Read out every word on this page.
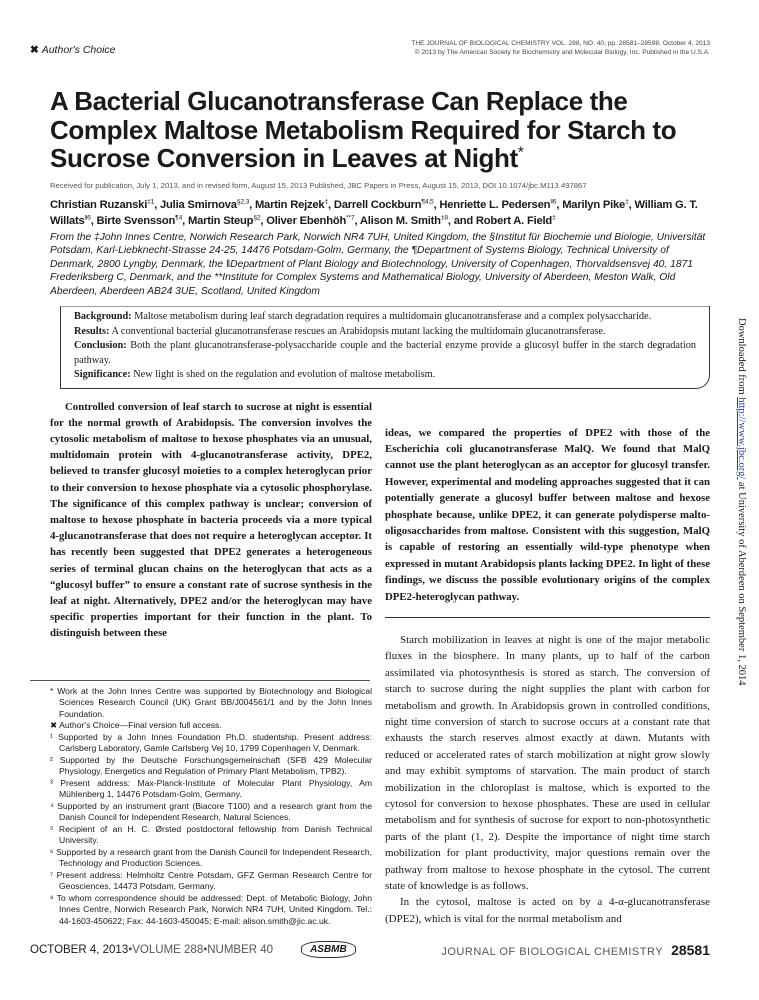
✖ Author's Choice
THE JOURNAL OF BIOLOGICAL CHEMISTRY VOL. 288, NO. 40, pp. 28581–28598, October 4, 2013
© 2013 by The American Society for Biochemistry and Molecular Biology, Inc. Published in the U.S.A.
A Bacterial Glucanotransferase Can Replace the Complex Maltose Metabolism Required for Starch to Sucrose Conversion in Leaves at Night*
Received for publication, July 1, 2013, and in revised form, August 15, 2013 Published, JBC Papers in Press, August 15, 2013, DOI 10.1074/jbc.M113.497867
Christian Ruzanski$^{\ddagger 1}$, Julia Smirnova$^{\S 2,3}$, Martin Rejzek‡, Darrell Cockburn$^{\P 4,5}$, Henriette L. Pedersen$^{‖6}$, Marilyn Pike‡, William G. T. Willats$^{‖6}$, Birte Svensson$^{\P 4}$, Martin Steup$^{\S 2}$, Oliver Ebenhöh$^{**7}$, Alison M. Smith$^{\ddagger 8}$, and Robert A. Field‡
From the ‡John Innes Centre, Norwich Research Park, Norwich NR4 7UH, United Kingdom, the §Institut für Biochemie und Biologie, Universität Potsdam, Karl-Liebknecht-Strasse 24-25, 14476 Potsdam-Golm, Germany, the ¶Department of Systems Biology, Technical University of Denmark, 2800 Lyngby, Denmark, the ‖Department of Plant Biology and Biotechnology, University of Copenhagen, Thorvaldsensvej 40, 1871 Frederiksberg C, Denmark, and the **Institute for Complex Systems and Mathematical Biology, University of Aberdeen, Meston Walk, Old Aberdeen, Aberdeen AB24 3UE, Scotland, United Kingdom
Background: Maltose metabolism during leaf starch degradation requires a multidomain glucanotransferase and a complex polysaccharide.
Results: A conventional bacterial glucanotransferase rescues an Arabidopsis mutant lacking the multidomain glucanotransferase.
Conclusion: Both the plant glucanotransferase-polysaccharide couple and the bacterial enzyme provide a glucosyl buffer in the starch degradation pathway.
Significance: New light is shed on the regulation and evolution of maltose metabolism.

Controlled conversion of leaf starch to sucrose at night is essential for the normal growth of Arabidopsis. The conversion involves the cytosolic metabolism of maltose to hexose phosphates via an unusual, multidomain protein with 4-glucanotransferase activity, DPE2, believed to transfer glucosyl moieties to a complex heteroglycan prior to their conversion to hexose phosphate via a cytosolic phosphorylase. The significance of this complex pathway is unclear; conversion of maltose to hexose phosphate in bacteria proceeds via a more typical 4-glucanotransferase that does not require a heteroglycan acceptor. It has recently been suggested that DPE2 generates a heterogeneous series of terminal glucan chains on the heteroglycan that acts as a “glucosyl buffer” to ensure a constant rate of sucrose synthesis in the leaf at night. Alternatively, DPE2 and/or the heteroglycan may have specific properties important for their function in the plant. To distinguish between these

* Work at the John Innes Centre was supported by Biotechnology and Biological Sciences Research Council (UK) Grant BB/J004561/1 and by the John Innes Foundation.
✖ Author's Choice—Final version full access.
¹ Supported by a John Innes Foundation Ph.D. studentship. Present address: Carlsberg Laboratory, Gamle Carlsberg Vej 10, 1799 Copenhagen V, Denmark.
² Supported by the Deutsche Forschungsgemeinschaft (SFB 429 Molecular Physiology, Energetics and Regulation of Primary Plant Metabolism, TPB2).
³ Present address: Max-Planck-Institute of Molecular Plant Physiology, Am Mühlenberg 1, 14476 Potsdam-Golm, Germany.
⁴ Supported by an instrument grant (Biacore T100) and a research grant from the Danish Council for Independent Research, Natural Sciences.
⁵ Recipient of an H. C. Ørsted postdoctoral fellowship from Danish Technical University.
⁶ Supported by a research grant from the Danish Council for Independent Research, Technology and Production Sciences.
⁷ Present address: Helmholtz Centre Potsdam, GFZ German Research Centre for Geosciences, 14473 Potsdam, Germany.
⁸ To whom correspondence should be addressed: Dept. of Metabolic Biology, John Innes Centre, Norwich Research Park, Norwich NR4 7UH, United Kingdom. Tel.: 44-1603-450622; Fax: 44-1603-450045; E-mail: alison.smith@jic.ac.uk.

ideas, we compared the properties of DPE2 with those of the Escherichia coli glucanotransferase MalQ. We found that MalQ cannot use the plant heteroglycan as an acceptor for glucosyl transfer. However, experimental and modeling approaches suggested that it can potentially generate a glucosyl buffer between maltose and hexose phosphate because, unlike DPE2, it can generate polydisperse malto-oligosaccharides from maltose. Consistent with this suggestion, MalQ is capable of restoring an essentially wild-type phenotype when expressed in mutant Arabidopsis plants lacking DPE2. In light of these findings, we discuss the possible evolutionary origins of the complex DPE2-heteroglycan pathway.

Starch mobilization in leaves at night is one of the major metabolic fluxes in the biosphere. In many plants, up to half of the carbon assimilated via photosynthesis is stored as starch. The conversion of starch to sucrose during the night supplies the plant with carbon for metabolism and growth. In Arabidopsis grown in controlled conditions, night time conversion of starch to sucrose occurs at a constant rate that exhausts the starch reserves almost exactly at dawn. Mutants with reduced or accelerated rates of starch mobilization at night grow slowly and may exhibit symptoms of starvation. The main product of starch mobilization in the chloroplast is maltose, which is exported to the cytosol for conversion to hexose phosphates. These are used in cellular metabolism and for synthesis of sucrose for export to non-photosynthetic parts of the plant (1, 2). Despite the importance of night time starch mobilization for plant productivity, major questions remain over the pathway from maltose to hexose phosphate in the cytosol. The current state of knowledge is as follows.

In the cytosol, maltose is acted on by a 4-α-glucanotransferase (DPE2), which is vital for the normal metabolism and

OCTOBER 4, 2013•VOLUME 288•NUMBER 40	ASBMB	JOURNAL OF BIOLOGICAL CHEMISTRY 28581
Downloaded from http://www.jbc.org/ at University of Aberdeen on September 1, 2014
